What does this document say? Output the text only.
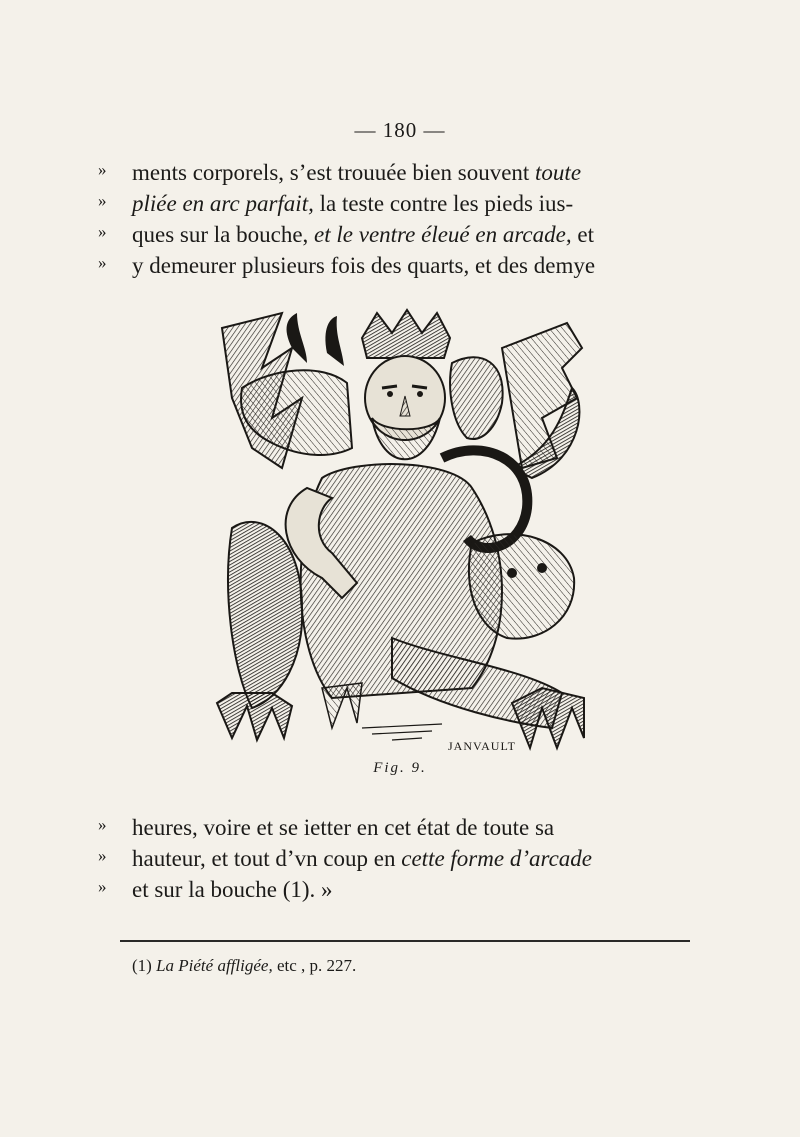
— 180 —
» ments corporels, s’est trouuée bien souvent toute
» pliée en arc parfait, la teste contre les pieds ius-
» ques sur la bouche, et le ventre éleué en arcade, et
» y demeurer plusieurs fois des quarts, et des demye
JANVAULT
Fig. 9.
» heures, voire et se ietter en cet état de toute sa
» hauteur, et tout d’vn coup en cette forme d’arcade
» et sur la bouche (1). »
(1) La Piété affligée, etc , p. 227.
